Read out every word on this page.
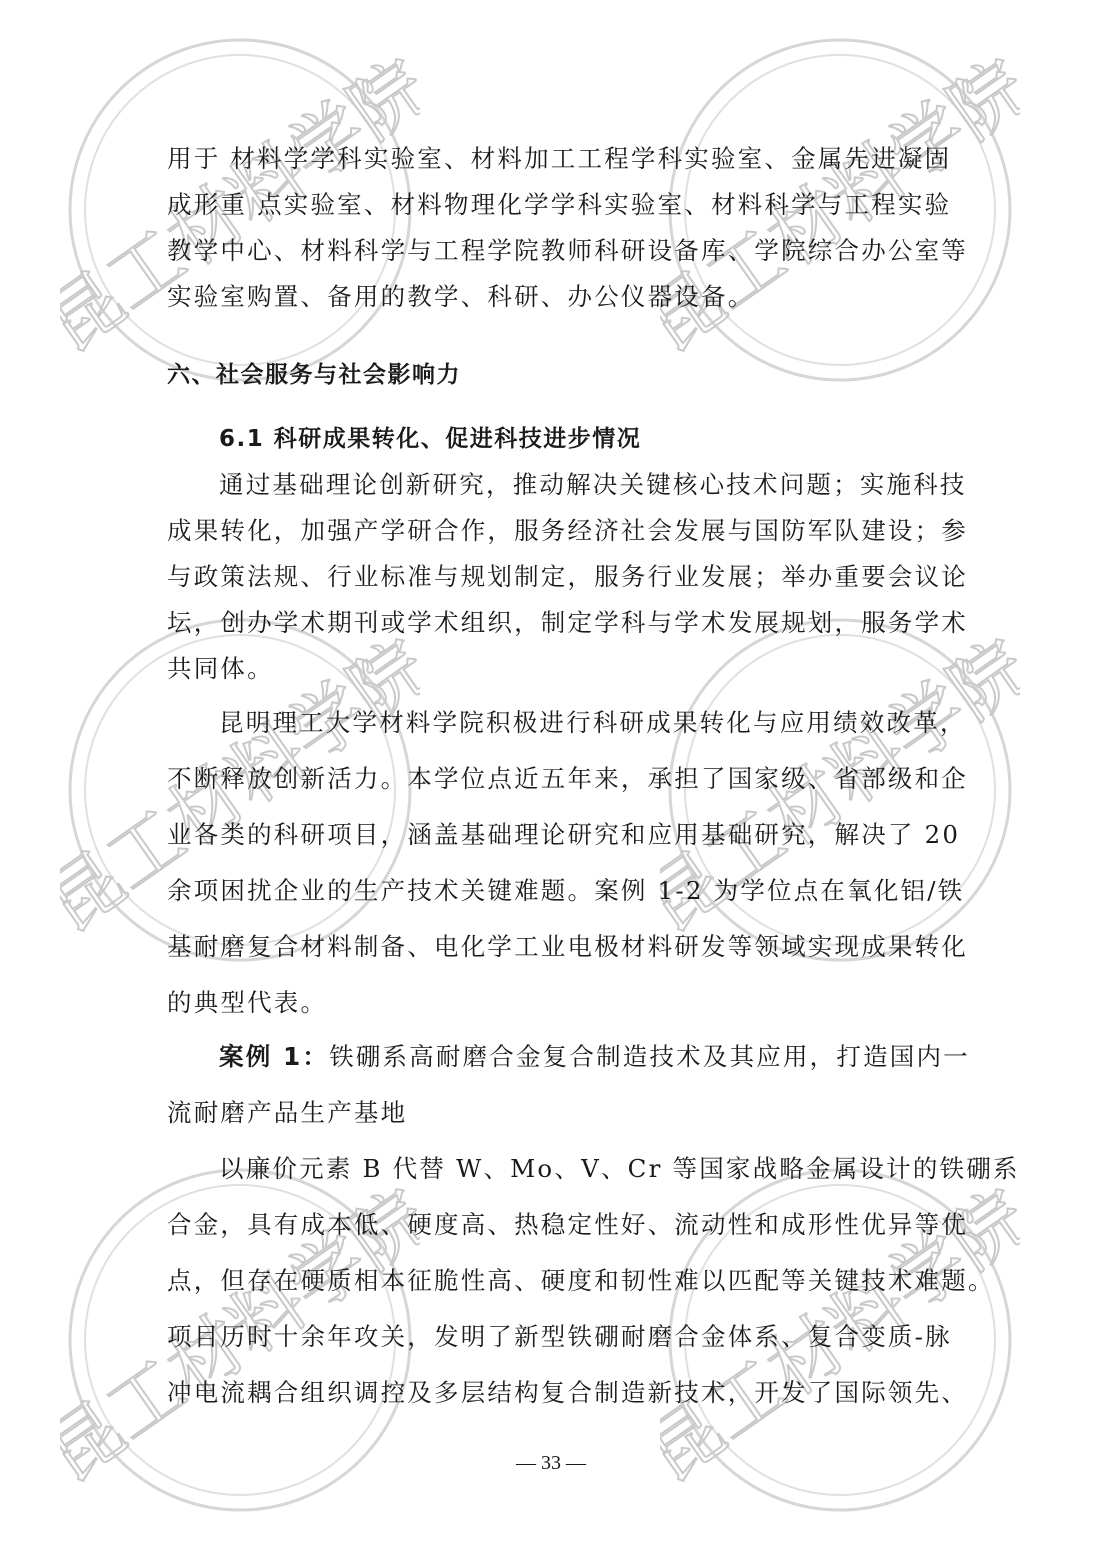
昆工材料学院	昆工材料学院
昆工材料学院	昆工材料学院
昆工材料学院	昆工材料学院
用于 材料学学科实验室、材料加工工程学科实验室、金属先进凝固
成形重 点实验室、材料物理化学学科实验室、材料科学与工程实验
教学中心、材料科学与工程学院教师科研设备库、学院综合办公室等
实验室购置、备用的教学、科研、办公仪器设备。
六、社会服务与社会影响力
6.1 科研成果转化、促进科技进步情况
通过基础理论创新研究，推动解决关键核心技术问题；实施科技
成果转化，加强产学研合作，服务经济社会发展与国防军队建设；参
与政策法规、行业标准与规划制定，服务行业发展；举办重要会议论
坛，创办学术期刊或学术组织，制定学科与学术发展规划，服务学术
共同体。
昆明理工大学材料学院积极进行科研成果转化与应用绩效改革，
不断释放创新活力。本学位点近五年来，承担了国家级、省部级和企
业各类的科研项目，涵盖基础理论研究和应用基础研究，解决了 20
余项困扰企业的生产技术关键难题。案例 1-2 为学位点在氧化铝/铁
基耐磨复合材料制备、电化学工业电极材料研发等领域实现成果转化
的典型代表。
案例 1：铁硼系高耐磨合金复合制造技术及其应用，打造国内一
流耐磨产品生产基地
以廉价元素 B 代替 W、Mo、V、Cr 等国家战略金属设计的铁硼系
合金，具有成本低、硬度高、热稳定性好、流动性和成形性优异等优
点，但存在硬质相本征脆性高、硬度和韧性难以匹配等关键技术难题。
项目历时十余年攻关，发明了新型铁硼耐磨合金体系、复合变质-脉
冲电流耦合组织调控及多层结构复合制造新技术，开发了国际领先、
— 33 —
